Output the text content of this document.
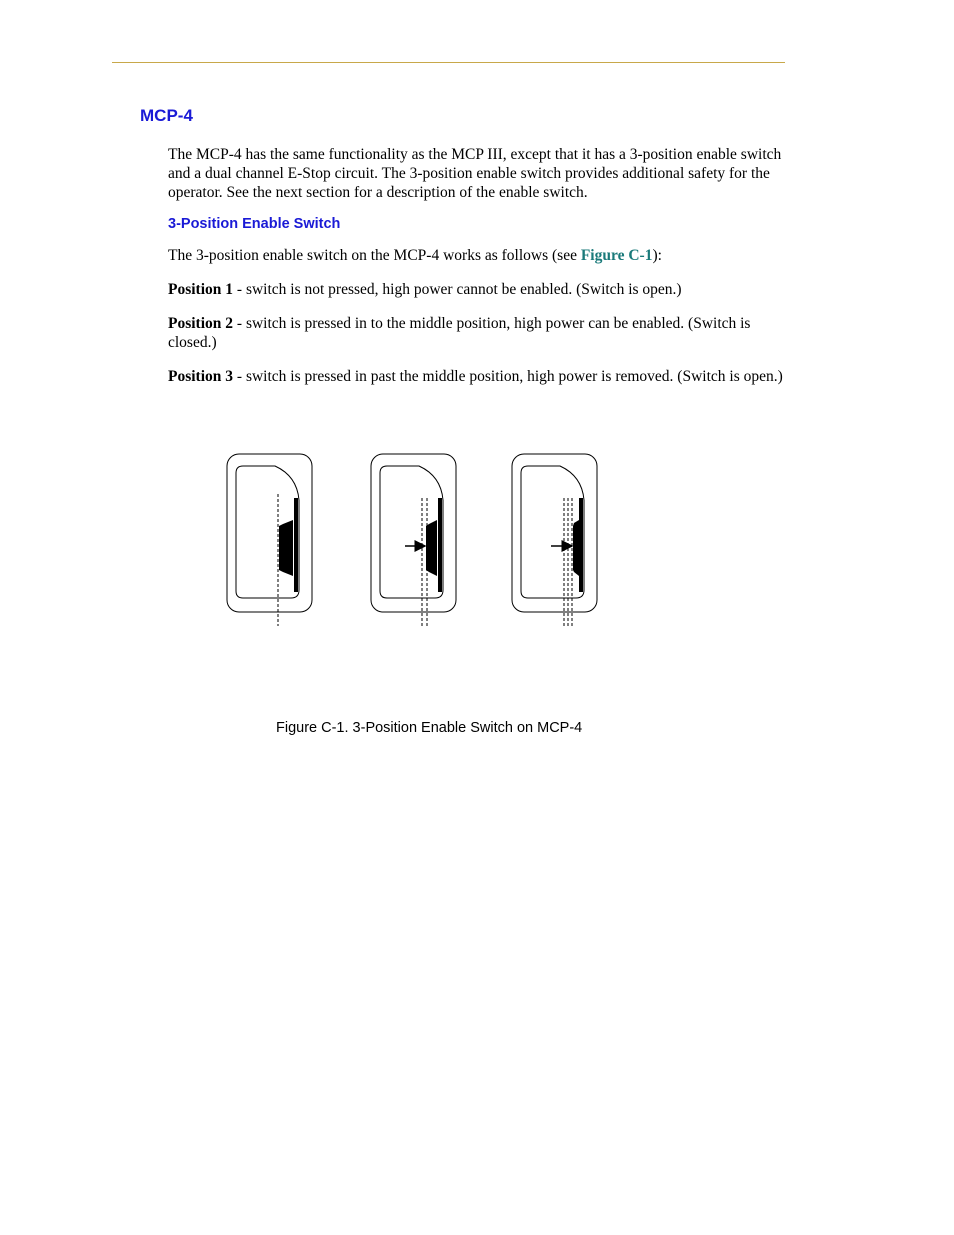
MCP-4

The MCP-4 has the same functionality as the MCP III, except that it has a 3-position enable switch and a dual channel E-Stop circuit. The 3-position enable switch provides additional safety for the operator. See the next section for a description of the enable switch.

3-Position Enable Switch

The 3-position enable switch on the MCP-4 works as follows (see Figure C-1):

Position 1 - switch is not pressed, high power cannot be enabled. (Switch is open.)

Position 2 - switch is pressed in to the middle position, high power can be enabled. (Switch is closed.)

Position 3 - switch is pressed in past the middle position, high power is removed. (Switch is open.)

Figure C-1. 3-Position Enable Switch on MCP-4
